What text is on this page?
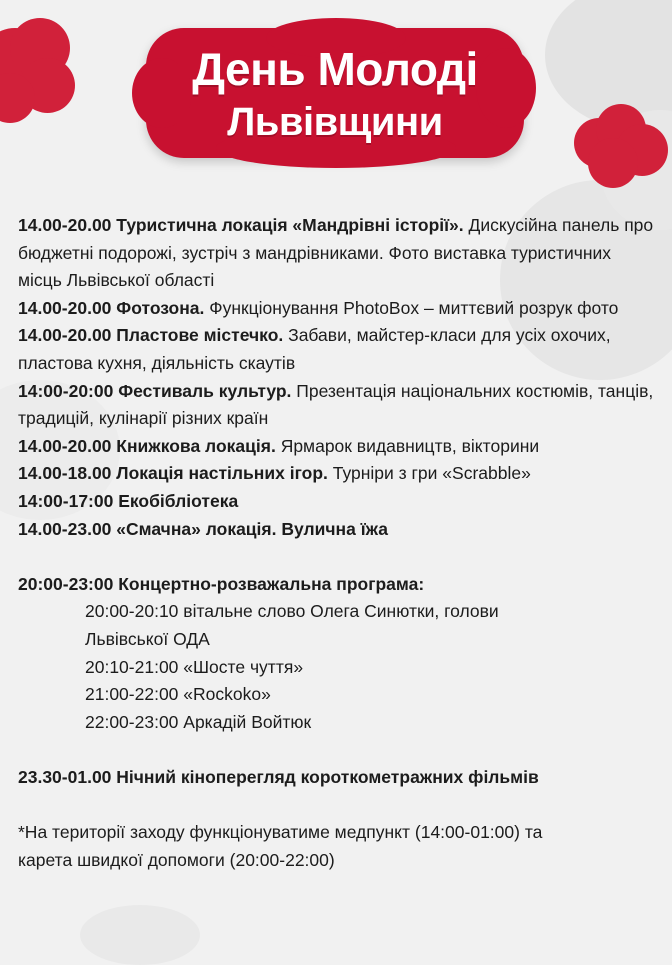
День Молоді
Львівщини

14.00-20.00 Туристична локація «Мандрівні історії». Дискусійна панель про бюджетні подорожі, зустріч з мандрівниками. Фото виставка туристичних місць Львівської області

14.00-20.00 Фотозона. Функціонування PhotoBox – миттєвий розрук фото

14.00-20.00 Пластове містечко. Забави, майстер-класи для усіх охочих, пластова кухня, діяльність скаутів

14:00-20:00 Фестиваль культур. Презентація національних костюмів, танців, традицій, кулінарії різних країн

14.00-20.00 Книжкова локація. Ярмарок видавництв, вікторини

14.00-18.00 Локація настільних ігор. Турніри з гри «Scrabble»

14:00-17:00 Екобібліотека

14.00-23.00 «Смачна» локація. Вулична їжа

20:00-23:00 Концертно-розважальна програма:

20:00-20:10 вітальне слово Олега Синютки, голови

Львівської ОДА

20:10-21:00 «Шосте чуття»

21:00-22:00 «Rockoko»

22:00-23:00 Аркадій Войтюк

23.30-01.00 Нічний кіноперегляд короткометражних фільмів

*На території заходу функціонуватиме медпункт (14:00-01:00) та

карета швидкої допомоги (20:00-22:00)
